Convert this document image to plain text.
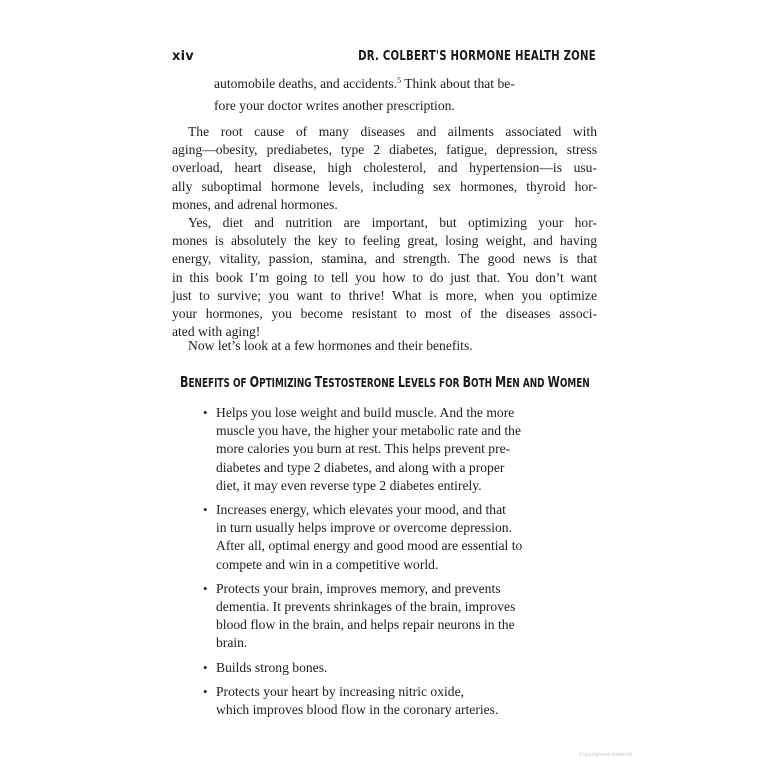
xiv	DR. COLBERT'S HORMONE HEALTH ZONE
automobile deaths, and accidents.$^5$ Think about that be-
fore your doctor writes another prescription.
The root cause of many diseases and ailments associated with
aging—obesity, prediabetes, type 2 diabetes, fatigue, depression, stress
overload, heart disease, high cholesterol, and hypertension—is usu-
ally suboptimal hormone levels, including sex hormones, thyroid hor-
mones, and adrenal hormones.
Yes, diet and nutrition are important, but optimizing your hor-
mones is absolutely the key to feeling great, losing weight, and having
energy, vitality, passion, stamina, and strength. The good news is that
in this book I’m going to tell you how to do just that. You don’t want
just to survive; you want to thrive! What is more, when you optimize
your hormones, you become resistant to most of the diseases associ-
ated with aging!
Now let’s look at a few hormones and their benefits.
BENEFITS OF OPTIMIZING TESTOSTERONE LEVELS FOR BOTH MEN AND WOMEN
• Helps you lose weight and build muscle. And the more
muscle you have, the higher your metabolic rate and the
more calories you burn at rest. This helps prevent pre-
diabetes and type 2 diabetes, and along with a proper
diet, it may even reverse type 2 diabetes entirely.
• Increases energy, which elevates your mood, and that
in turn usually helps improve or overcome depression.
After all, optimal energy and good mood are essential to
compete and win in a competitive world.
• Protects your brain, improves memory, and prevents
dementia. It prevents shrinkages of the brain, improves
blood flow in the brain, and helps repair neurons in the
brain.
• Builds strong bones.
• Protects your heart by increasing nitric oxide,
which improves blood flow in the coronary arteries.
Copyrighted material
